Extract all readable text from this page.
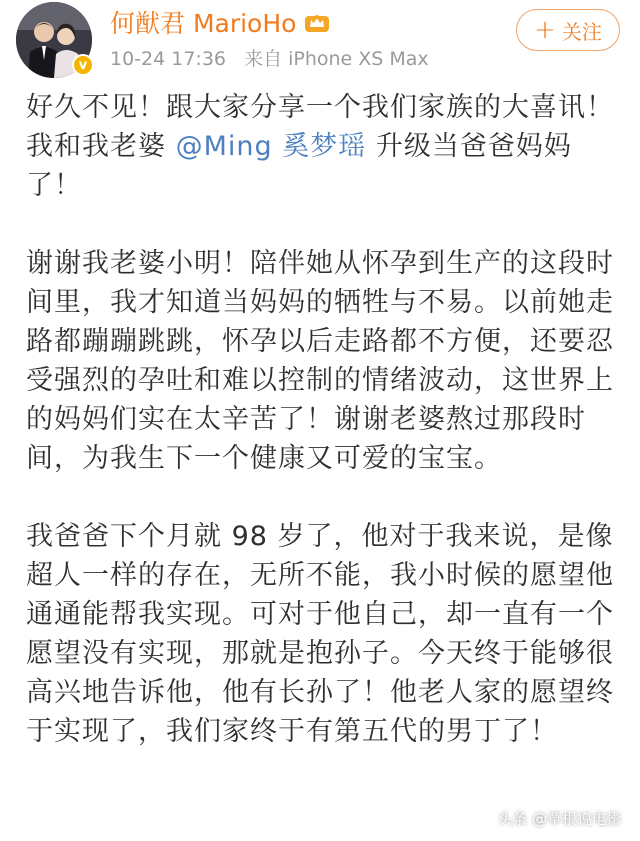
v
何猷君 MarioHo
10-24 17:36 来自 iPhone XS Max
+ 关注

好久不见！跟大家分享一个我们家族的大喜讯！我和我老婆 @Ming 奚梦瑶 升级当爸爸妈妈了！

谢谢我老婆小明！陪伴她从怀孕到生产的这段时间里，我才知道当妈妈的牺牲与不易。以前她走路都蹦蹦跳跳，怀孕以后走路都不方便，还要忍受强烈的孕吐和难以控制的情绪波动，这世界上的妈妈们实在太辛苦了！谢谢老婆熬过那段时间，为我生下一个健康又可爱的宝宝。

我爸爸下个月就 98 岁了，他对于我来说，是像超人一样的存在，无所不能，我小时候的愿望他通通能帮我实现。可对于他自己，却一直有一个愿望没有实现，那就是抱孙子。今天终于能够很高兴地告诉他，他有长孙了！他老人家的愿望终于实现了，我们家终于有第五代的男丁了！

头条 @草根说电影
